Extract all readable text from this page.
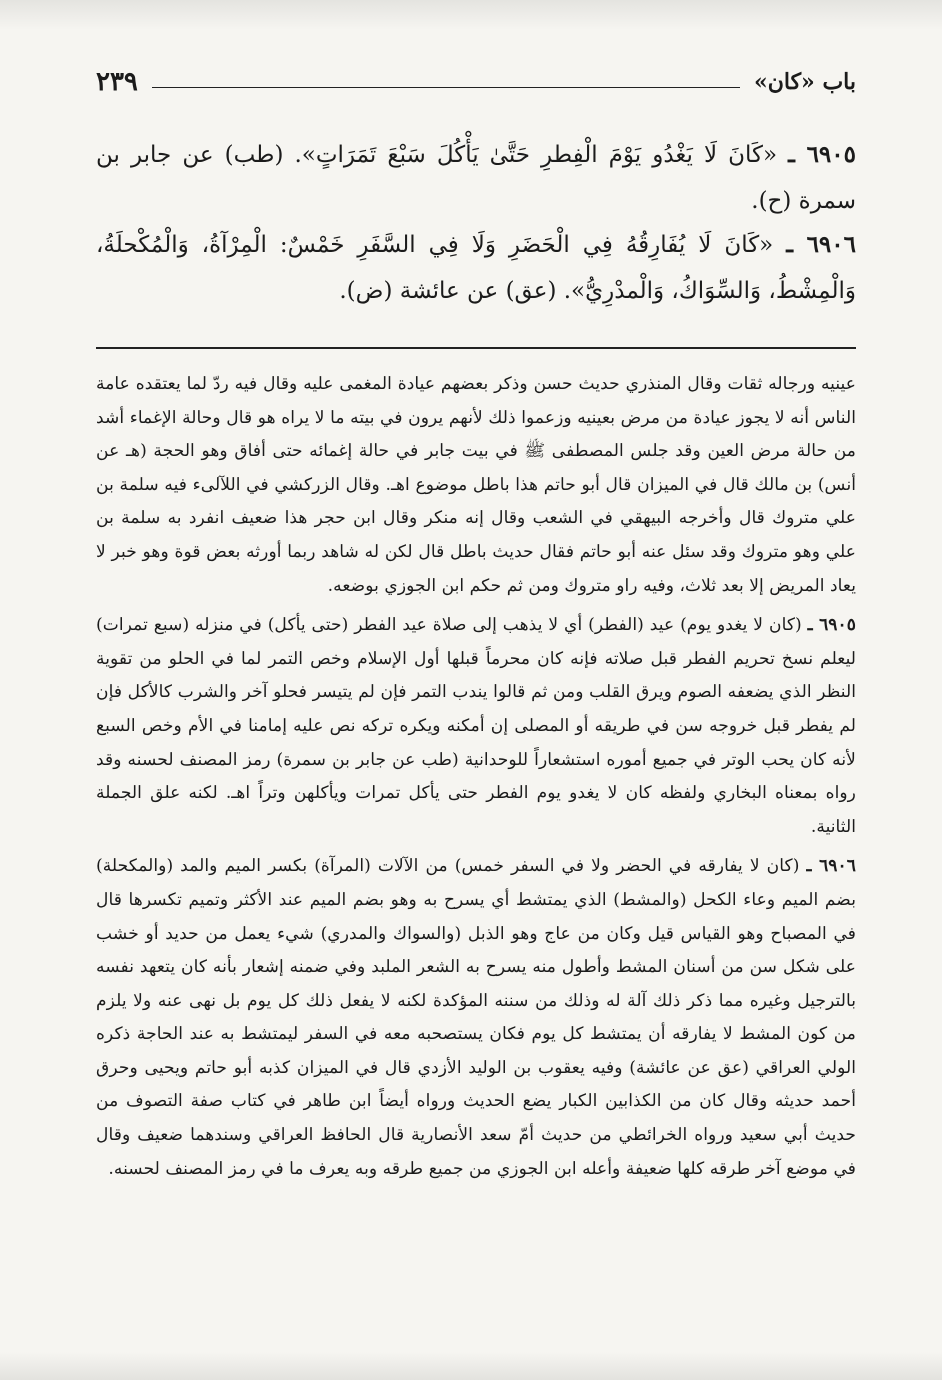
باب «كان»
٢٣٩
٦٩٠٥ ـ «كَانَ لَا يَغْدُو يَوْمَ الْفِطرِ حَتَّىٰ يَأْكُلَ سَبْعَ تَمَرَاتٍ». (طب) عن جابر بن سمرة (ح).
٦٩٠٦ ـ «كَانَ لَا يُفَارِقُهُ فِي الْحَضَرِ وَلَا فِي السَّفَرِ خَمْسٌ: الْمِرْآةُ، وَالْمُكْحلَةُ، وَالْمِشْطُ، وَالسِّوَاكُ، وَالْمدْرِيُّ». (عق) عن عائشة (ض).

عينيه ورجاله ثقات وقال المنذري حديث حسن وذكر بعضهم عيادة المغمى عليه وقال فيه ردّ لما يعتقده عامة الناس أنه لا يجوز عيادة من مرض بعينيه وزعموا ذلك لأنهم يرون في بيته ما لا يراه هو قال وحالة الإغماء أشد من حالة مرض العين وقد جلس المصطفى ﷺ في بيت جابر في حالة إغمائه حتى أفاق وهو الحجة (هـ عن أنس) بن مالك قال في الميزان قال أبو حاتم هذا باطل موضوع اهـ. وقال الزركشي في اللآلىء فيه سلمة بن علي متروك قال وأخرجه البيهقي في الشعب وقال إنه منكر وقال ابن حجر هذا ضعيف انفرد به سلمة بن علي وهو متروك وقد سئل عنه أبو حاتم فقال حديث باطل قال لكن له شاهد ربما أورثه بعض قوة وهو خبر لا يعاد المريض إلا بعد ثلاث، وفيه راو متروك ومن ثم حكم ابن الجوزي بوضعه.

٦٩٠٥ ـ (كان لا يغدو يوم) عيد (الفطر) أي لا يذهب إلى صلاة عيد الفطر (حتى يأكل) في منزله (سبع تمرات) ليعلم نسخ تحريم الفطر قبل صلاته فإنه كان محرماً قبلها أول الإسلام وخص التمر لما في الحلو من تقوية النظر الذي يضعفه الصوم ويرق القلب ومن ثم قالوا يندب التمر فإن لم يتيسر فحلو آخر والشرب كالأكل فإن لم يفطر قبل خروجه سن في طريقه أو المصلى إن أمكنه ويكره تركه نص عليه إمامنا في الأم وخص السبع لأنه كان يحب الوتر في جميع أموره استشعاراً للوحدانية (طب عن جابر بن سمرة) رمز المصنف لحسنه وقد رواه بمعناه البخاري ولفظه كان لا يغدو يوم الفطر حتى يأكل تمرات ويأكلهن وتراً اهـ. لكنه علق الجملة الثانية.

٦٩٠٦ ـ (كان لا يفارقه في الحضر ولا في السفر خمس) من الآلات (المرآة) بكسر الميم والمد (والمكحلة) بضم الميم وعاء الكحل (والمشط) الذي يمتشط أي يسرح به وهو بضم الميم عند الأكثر وتميم تكسرها قال في المصباح وهو القياس قيل وكان من عاج وهو الذبل (والسواك والمدري) شيء يعمل من حديد أو خشب على شكل سن من أسنان المشط وأطول منه يسرح به الشعر الملبد وفي ضمنه إشعار بأنه كان يتعهد نفسه بالترجيل وغيره مما ذكر ذلك آلة له وذلك من سننه المؤكدة لكنه لا يفعل ذلك كل يوم بل نهى عنه ولا يلزم من كون المشط لا يفارقه أن يمتشط كل يوم فكان يستصحبه معه في السفر ليمتشط به عند الحاجة ذكره الولي العراقي (عق عن عائشة) وفيه يعقوب بن الوليد الأزدي قال في الميزان كذبه أبو حاتم ويحيى وحرق أحمد حديثه وقال كان من الكذابين الكبار يضع الحديث ورواه أيضاً ابن طاهر في كتاب صفة التصوف من حديث أبي سعيد ورواه الخرائطي من حديث أمّ سعد الأنصارية قال الحافظ العراقي وسندهما ضعيف وقال في موضع آخر طرقه كلها ضعيفة وأعله ابن الجوزي من جميع طرقه وبه يعرف ما في رمز المصنف لحسنه.
